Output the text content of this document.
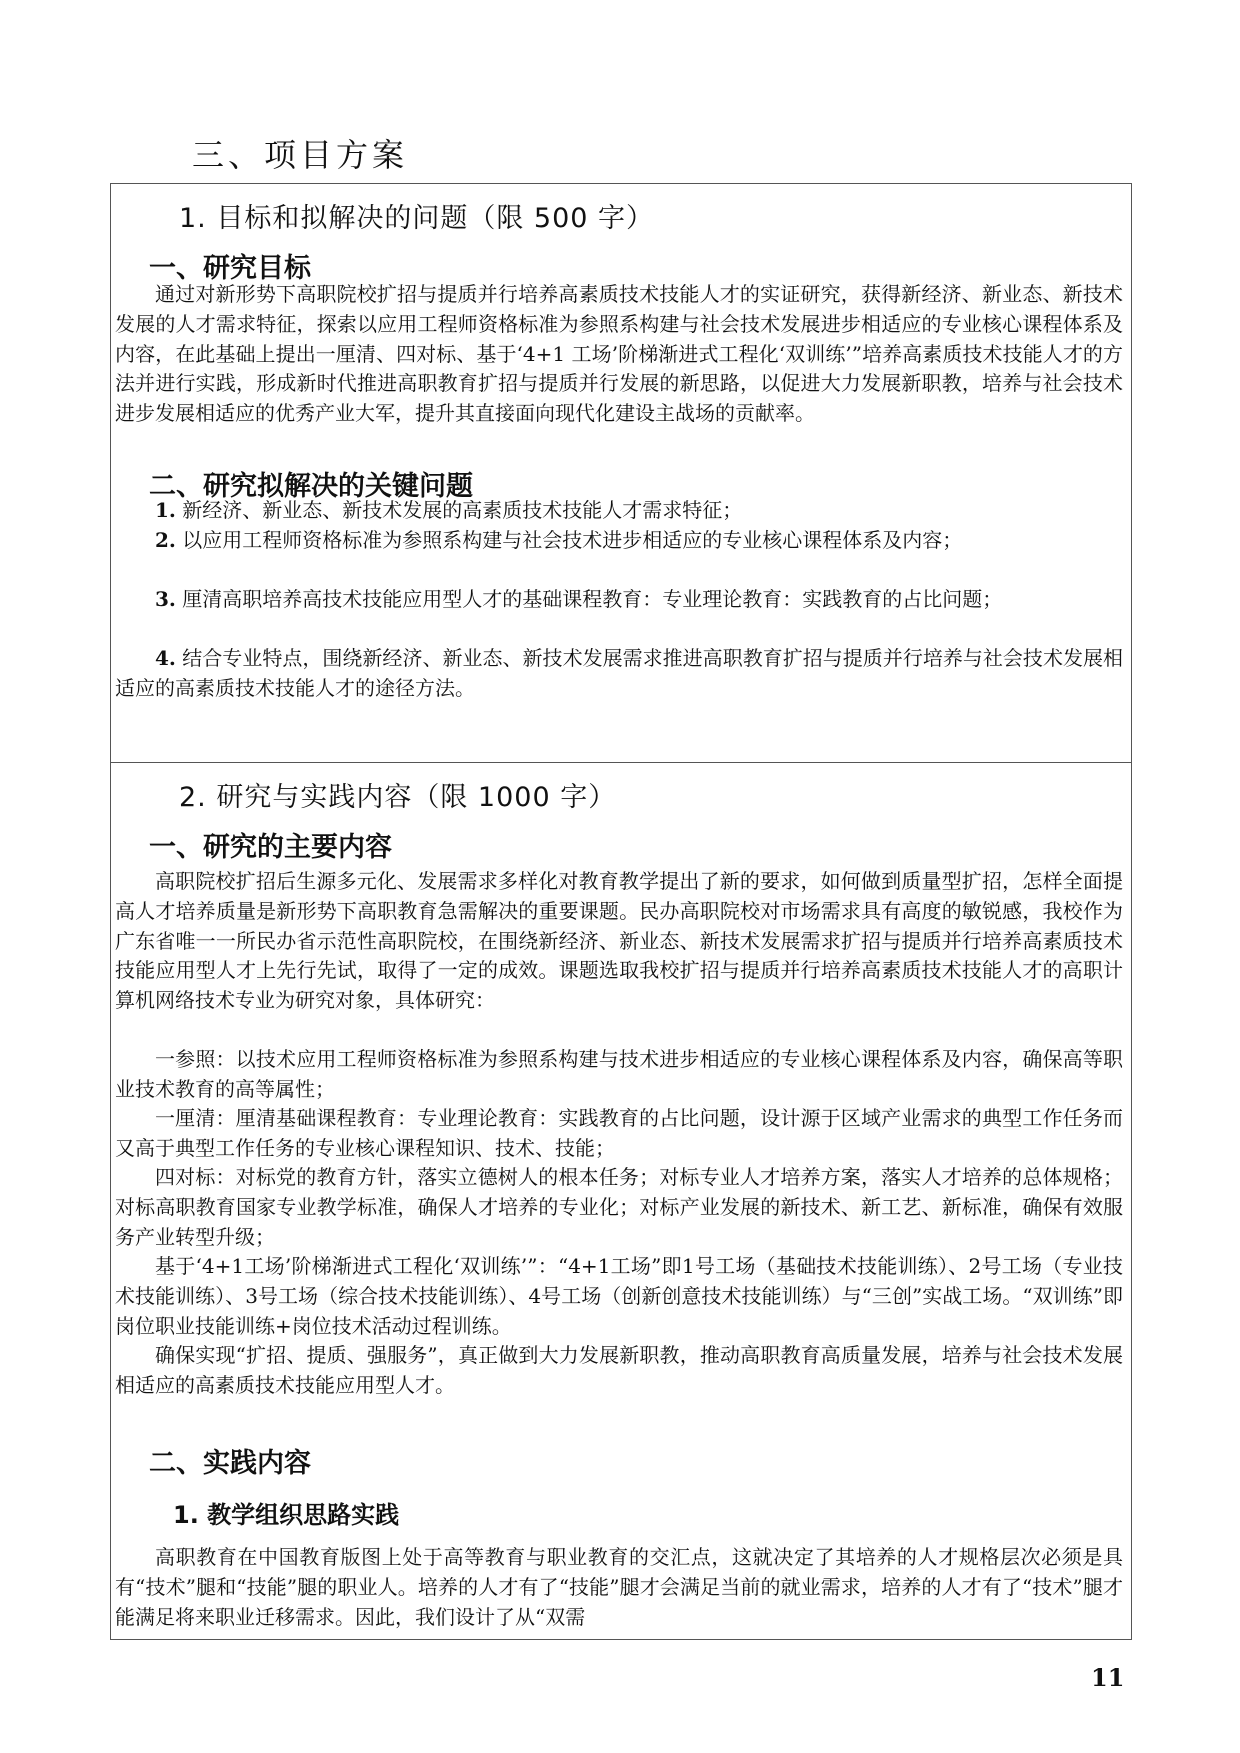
三、项目方案
1. 目标和拟解决的问题（限 500 字）
一、研究目标

通过对新形势下高职院校扩招与提质并行培养高素质技术技能人才的实证研究，获得新经济、新业态、新技术发展的人才需求特征，探索以应用工程师资格标准为参照系构建与社会技术发展进步相适应的专业核心课程体系及内容，在此基础上提出一厘清、四对标、基于‘4+1 工场’阶梯渐进式工程化‘双训练’”培养高素质技术技能人才的方法并进行实践，形成新时代推进高职教育扩招与提质并行发展的新思路，以促进大力发展新职教，培养与社会技术进步发展相适应的优秀产业大军，提升其直接面向现代化建设主战场的贡献率。

二、研究拟解决的关键问题

1. 新经济、新业态、新技术发展的高素质技术技能人才需求特征；

2. 以应用工程师资格标准为参照系构建与社会技术进步相适应的专业核心课程体系及内容；

3. 厘清高职培养高技术技能应用型人才的基础课程教育：专业理论教育：实践教育的占比问题；

4. 结合专业特点，围绕新经济、新业态、新技术发展需求推进高职教育扩招与提质并行培养与社会技术发展相适应的高素质技术技能人才的途径方法。

2. 研究与实践内容（限 1000 字）
一、研究的主要内容

高职院校扩招后生源多元化、发展需求多样化对教育教学提出了新的要求，如何做到质量型扩招，怎样全面提高人才培养质量是新形势下高职教育急需解决的重要课题。民办高职院校对市场需求具有高度的敏锐感，我校作为广东省唯一一所民办省示范性高职院校，在围绕新经济、新业态、新技术发展需求扩招与提质并行培养高素质技术技能应用型人才上先行先试，取得了一定的成效。课题选取我校扩招与提质并行培养高素质技术技能人才的高职计算机网络技术专业为研究对象，具体研究：

一参照：以技术应用工程师资格标准为参照系构建与技术进步相适应的专业核心课程体系及内容，确保高等职业技术教育的高等属性；

一厘清：厘清基础课程教育：专业理论教育：实践教育的占比问题，设计源于区域产业需求的典型工作任务而又高于典型工作任务的专业核心课程知识、技术、技能；

四对标：对标党的教育方针，落实立德树人的根本任务；对标专业人才培养方案，落实人才培养的总体规格；对标高职教育国家专业教学标准，确保人才培养的专业化；对标产业发展的新技术、新工艺、新标准，确保有效服务产业转型升级；

基于‘4+1工场’阶梯渐进式工程化‘双训练’”：“4+1工场”即1号工场（基础技术技能训练）、2号工场（专业技术技能训练）、3号工场（综合技术技能训练）、4号工场（创新创意技术技能训练）与“三创”实战工场。“双训练”即岗位职业技能训练+岗位技术活动过程训练。

确保实现“扩招、提质、强服务”，真正做到大力发展新职教，推动高职教育高质量发展，培养与社会技术发展相适应的高素质技术技能应用型人才。

二、实践内容
1. 教学组织思路实践

高职教育在中国教育版图上处于高等教育与职业教育的交汇点，这就决定了其培养的人才规格层次必须是具有“技术”腿和“技能”腿的职业人。培养的人才有了“技能”腿才会满足当前的就业需求，培养的人才有了“技术”腿才能满足将来职业迁移需求。因此，我们设计了从“双需

11
